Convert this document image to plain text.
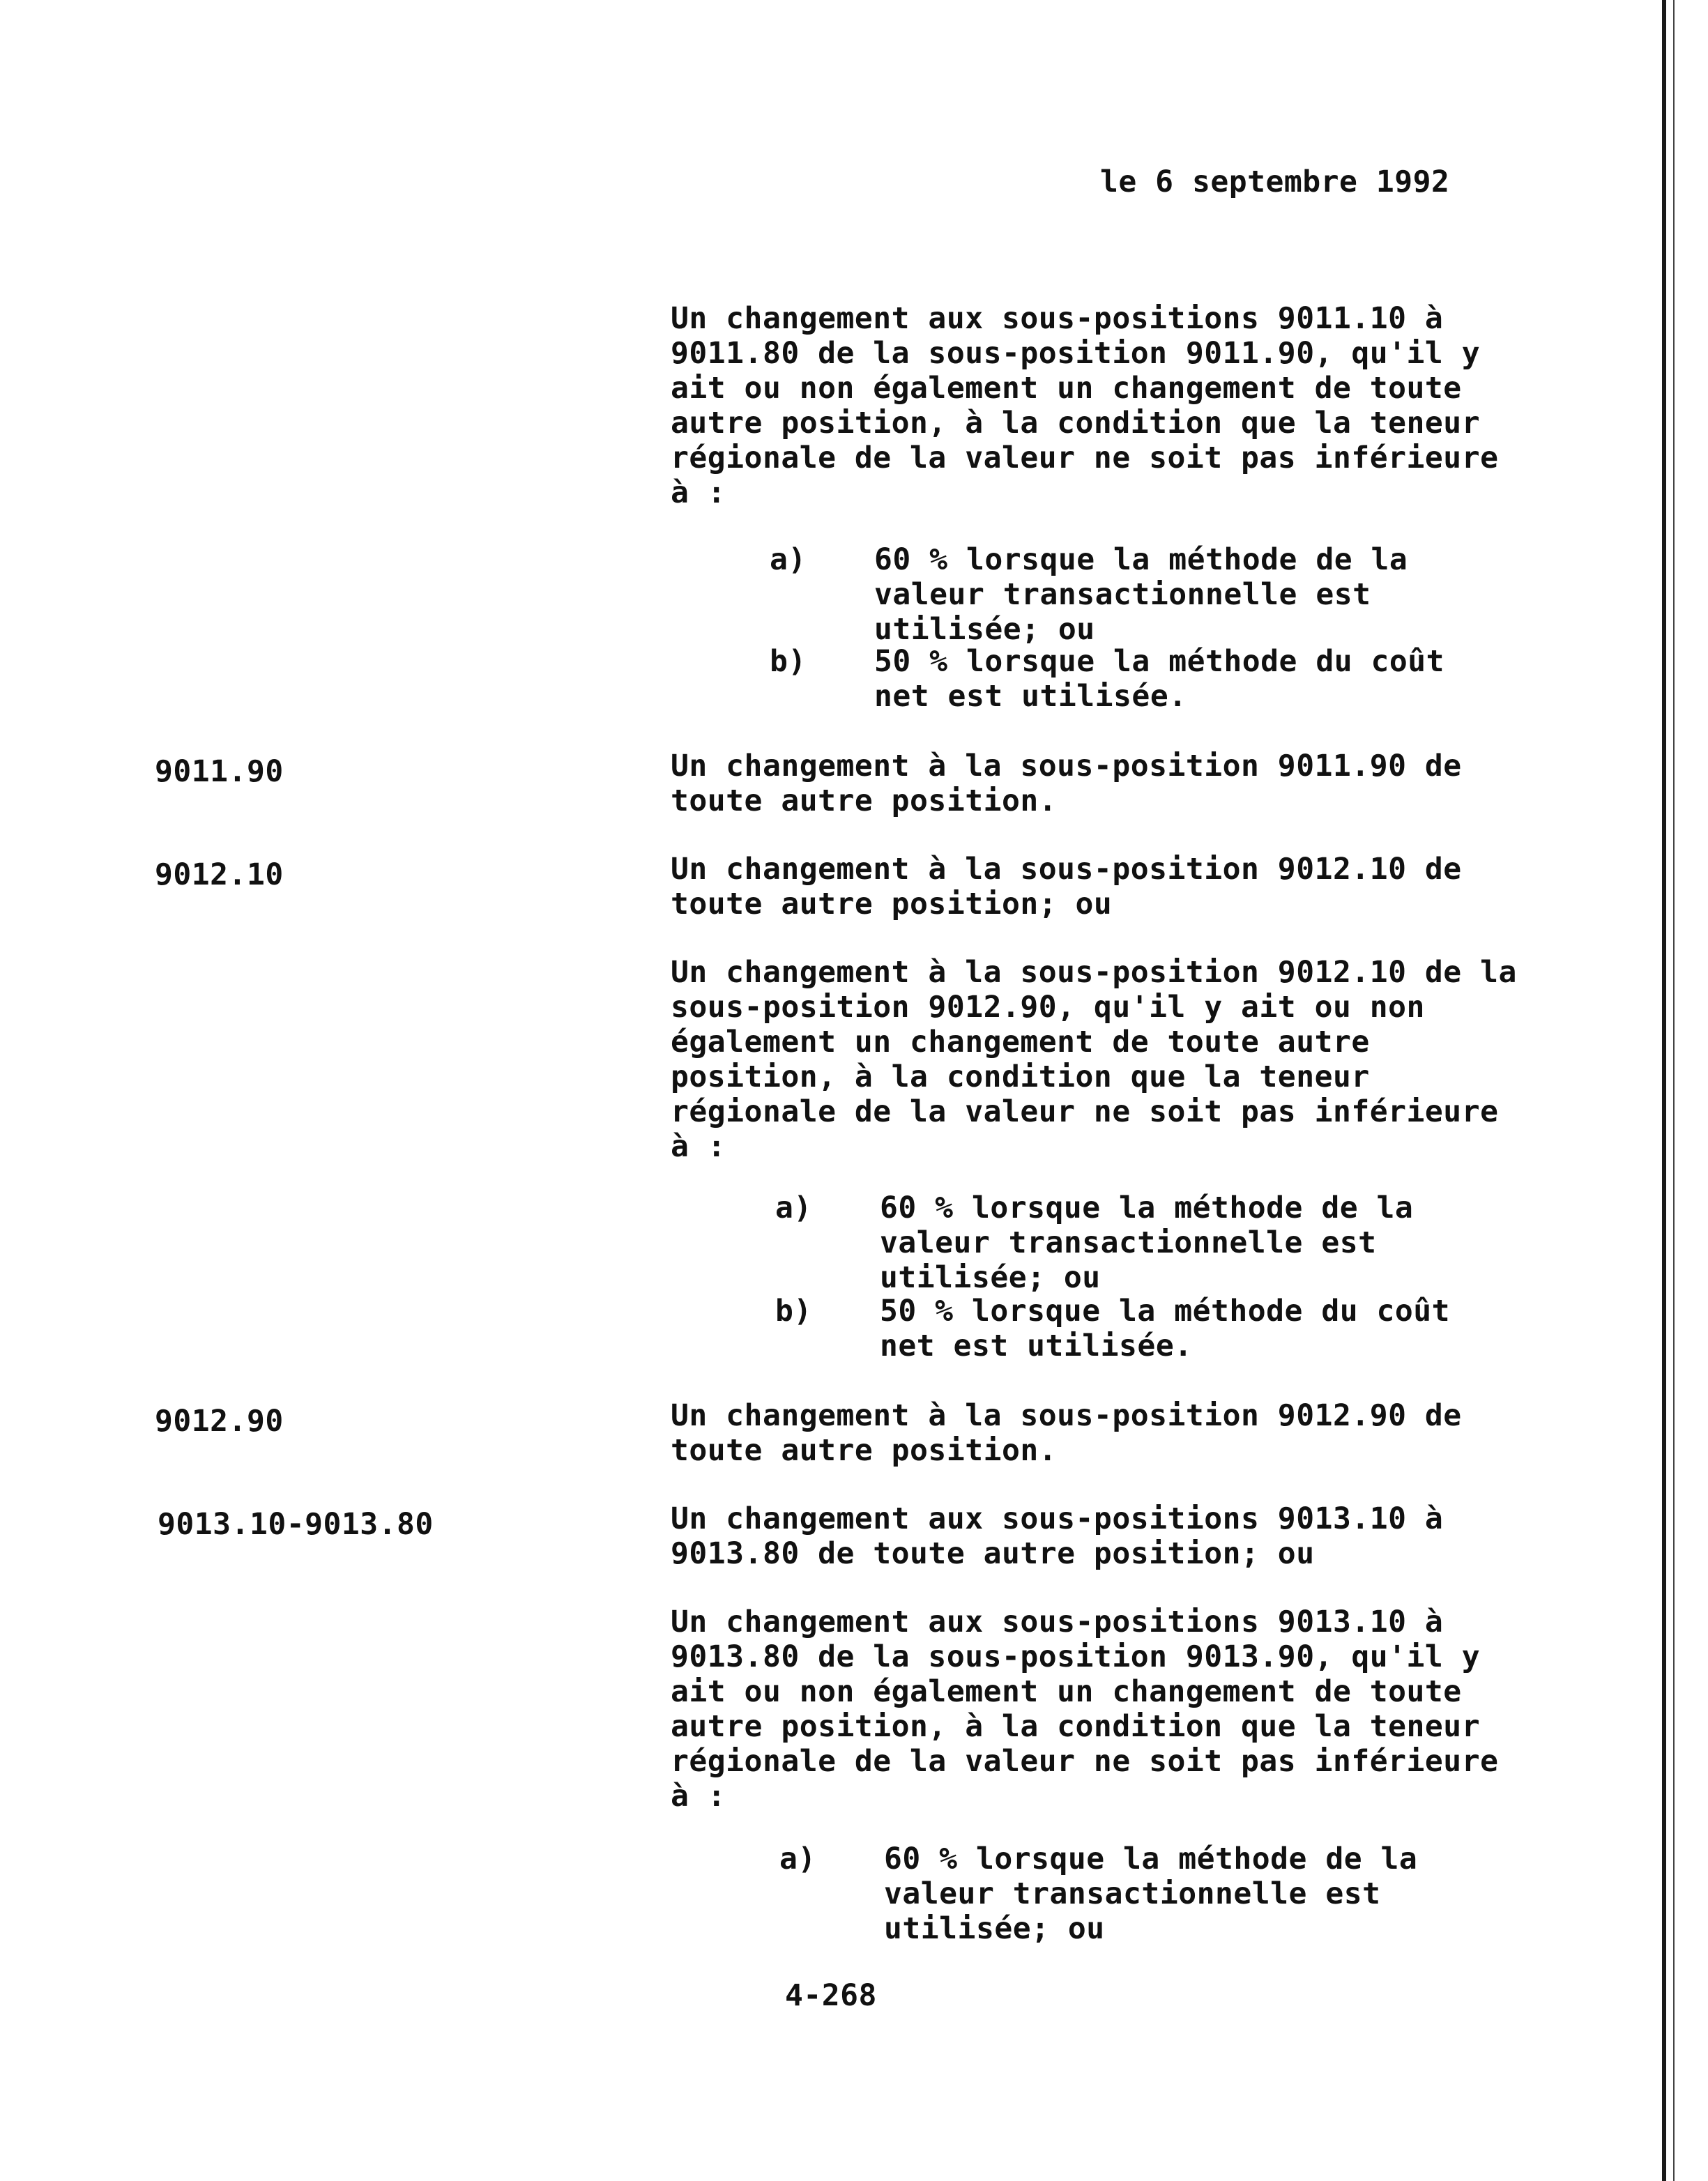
le 6 septembre 1992
Un changement aux sous-positions 9011.10 à 9011.80 de la sous-position 9011.90, qu'il y ait ou non également un changement de toute autre position, à la condition que la teneur régionale de la valeur ne soit pas inférieure à :
a) 60 % lorsque la méthode de la valeur transactionnelle est utilisée; ou
b) 50 % lorsque la méthode du coût net est utilisée.
9011.90	Un changement à la sous-position 9011.90 de toute autre position.
9012.10	Un changement à la sous-position 9012.10 de toute autre position; ou
Un changement à la sous-position 9012.10 de la sous-position 9012.90, qu'il y ait ou non également un changement de toute autre position, à la condition que la teneur régionale de la valeur ne soit pas inférieure à :
a) 60 % lorsque la méthode de la valeur transactionnelle est utilisée; ou
b) 50 % lorsque la méthode du coût net est utilisée.
9012.90	Un changement à la sous-position 9012.90 de toute autre position.
9013.10-9013.80	Un changement aux sous-positions 9013.10 à 9013.80 de toute autre position; ou
Un changement aux sous-positions 9013.10 à 9013.80 de la sous-position 9013.90, qu'il y ait ou non également un changement de toute autre position, à la condition que la teneur régionale de la valeur ne soit pas inférieure à :
a) 60 % lorsque la méthode de la valeur transactionnelle est utilisée; ou
4-268
